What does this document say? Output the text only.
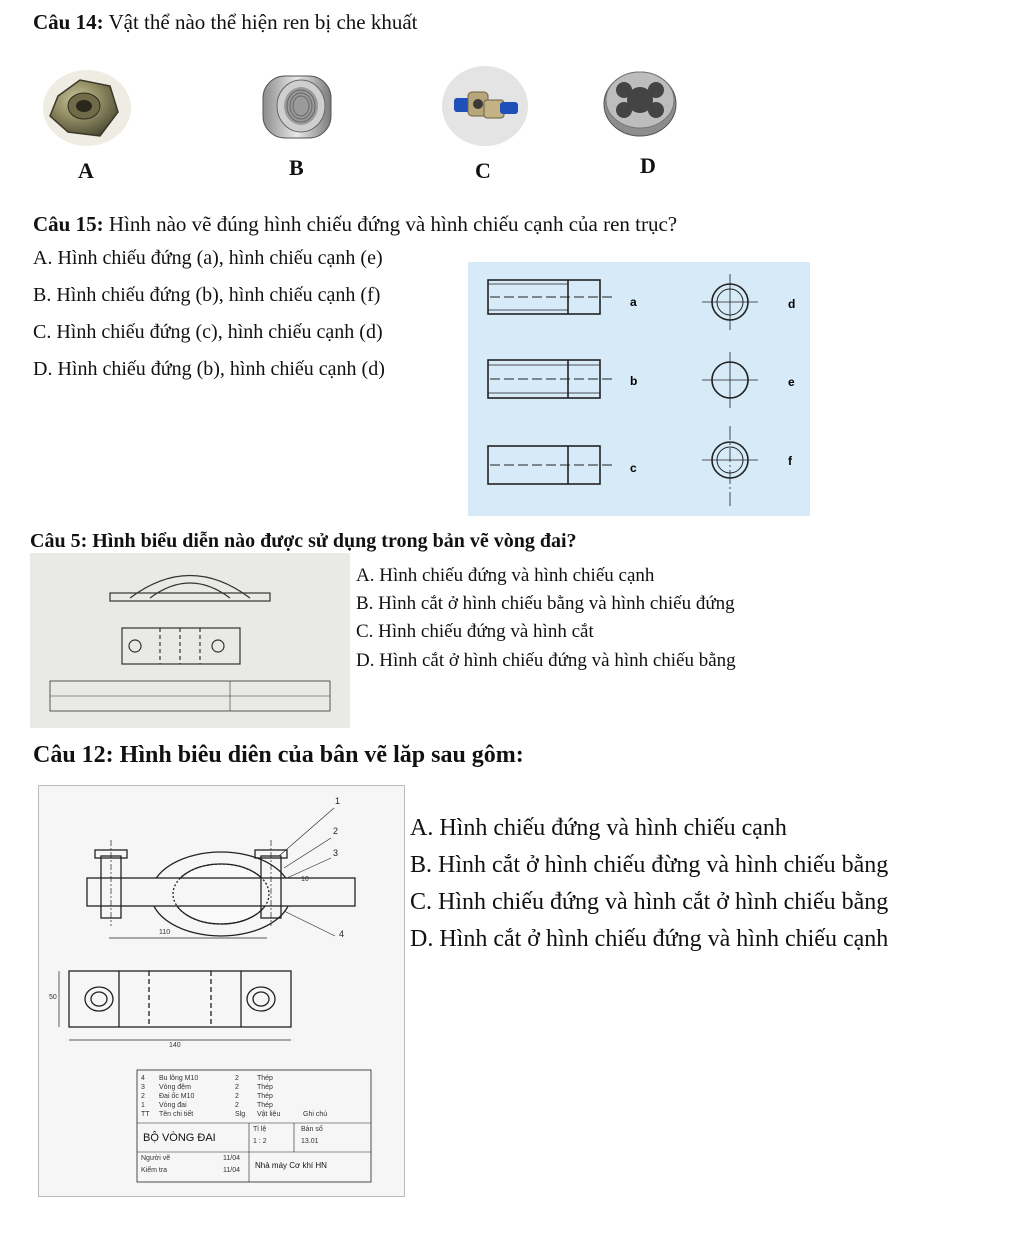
Câu 14: Vật thể nào thể hiện ren bị che khuất
A	B	C	D
Câu 15: Hình nào vẽ đúng hình chiếu đứng và hình chiếu cạnh của ren trục?
A. Hình chiếu đứng (a), hình chiếu cạnh (e)
B. Hình chiếu đứng (b), hình chiếu cạnh (f)
C. Hình chiếu đứng (c), hình chiếu cạnh (d)
D. Hình chiếu đứng (b), hình chiếu cạnh (d)
a	d
b	e
c	f
Câu 5: Hình biểu diễn nào được sử dụng trong bản vẽ vòng đai?
A. Hình chiếu đứng và hình chiếu cạnh
B. Hình cắt ở hình chiếu bằng và hình chiếu đứng
C. Hình chiếu đứng và hình cắt
D. Hình cắt ở hình chiếu đứng và hình chiếu bằng
Câu 12: Hình biêu diên của bân vẽ lăp sau gôm:
A. Hình chiếu đứng và hình chiếu cạnh
B. Hình cắt ở hình chiếu đừng và hình chiếu bằng
C. Hình chiếu đứng và hình cắt ở hình chiếu bằng
D. Hình cắt ở hình chiếu đứng và hình chiếu cạnh
1
2
3
4
110
140
50
10
4	Bu lông M10	2	Thép
3	Vòng đệm	2	Thép
2	Đai ốc M10	2	Thép
1	Vòng đai	2	Thép
TT	Tên chi tiết	Slg	Vật liệu	Ghi chú
BỘ VÒNG ĐAI
Tỉ lệ
1 : 2
Bản số
13.01
Người vẽ	11/04
Kiểm tra	11/04
Nhà máy Cơ khí HN
